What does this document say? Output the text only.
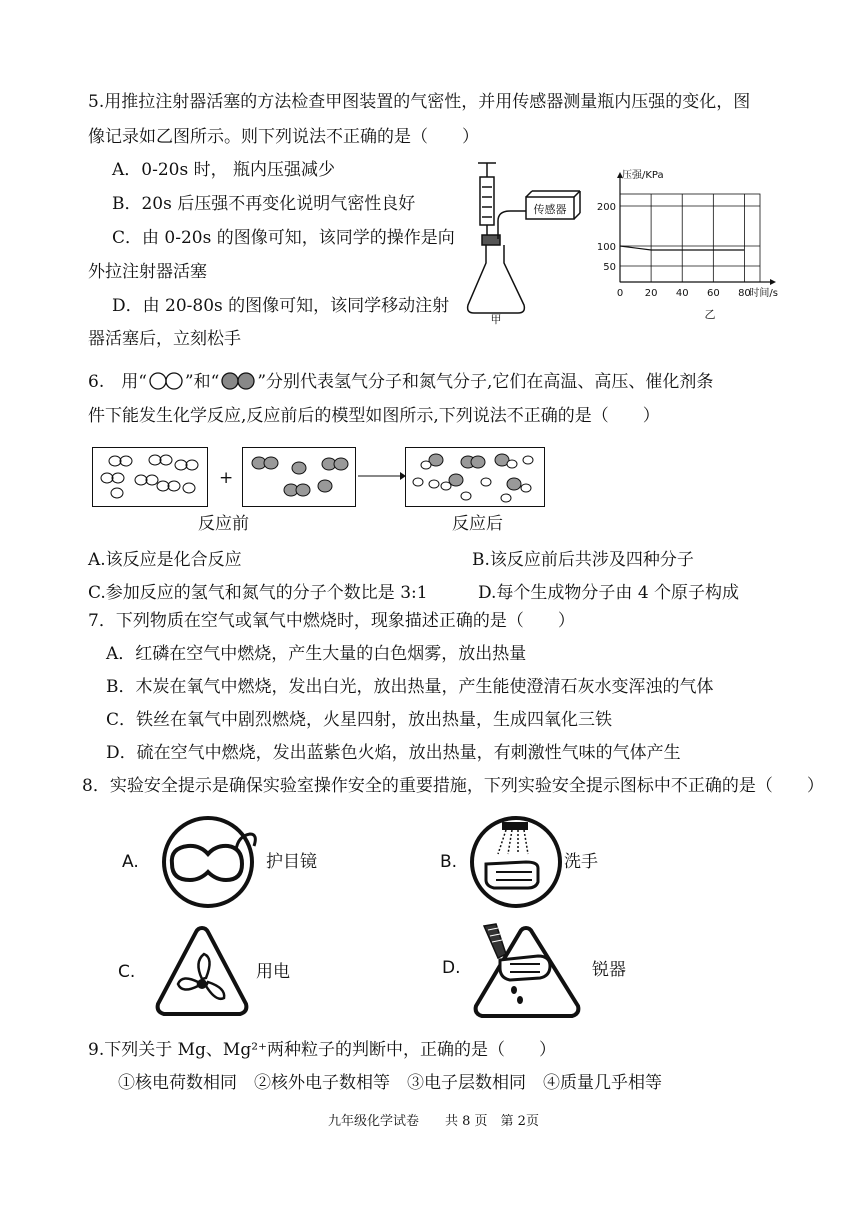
5.用推拉注射器活塞的方法检查甲图装置的气密性，并用传感器测量瓶内压强的变化，图
像记录如乙图所示。则下列说法不正确的是（　　）
A．0-20s 时， 瓶内压强减少
B．20s 后压强不再变化说明气密性良好
C．由 0-20s 的图像可知，该同学的操作是向
外拉注射器活塞
D．由 20-80s 的图像可知，该同学移动注射
器活塞后，立刻松手
传感器
甲
0 20 40 60 80
50
100
200
压强/KPa
时间/s
乙
6.　用“ ”和“ ”分别代表氢气分子和氮气分子,它们在高温、高压、催化剂条
件下能发生化学反应,反应前后的模型如图所示,下列说法不正确的是（　　）
+
反应前	反应后
A.该反应是化合反应	B.该反应前后共涉及四种分子
C.参加反应的氢气和氮气的分子个数比是 3:1	D.每个生成物分子由 4 个原子构成
7．下列物质在空气或氧气中燃烧时，现象描述正确的是（　　）
A．红磷在空气中燃烧，产生大量的白色烟雾，放出热量
B．木炭在氧气中燃烧，发出白光，放出热量，产生能使澄清石灰水变浑浊的气体
C．铁丝在氧气中剧烈燃烧，火星四射，放出热量，生成四氧化三铁
D．硫在空气中燃烧，发出蓝紫色火焰，放出热量，有刺激性气味的气体产生
8．实验安全提示是确保实验室操作安全的重要措施，下列实验安全提示图标中不正确的是（　　）
A.	护目镜	B.	洗手
C.	用电	D.	锐器
9.下列关于 Mg、Mg²⁺两种粒子的判断中，正确的是（　　）
①核电荷数相同　②核外电子数相等　③电子层数相同　④质量几乎相等
九年级化学试卷　　共 8 页　第 2页
